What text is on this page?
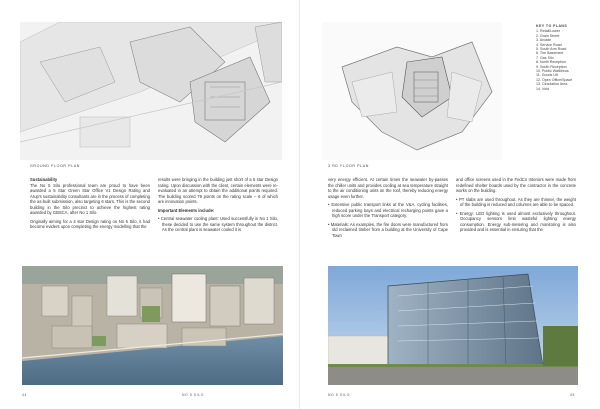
GROUND FLOOR PLAN

Sustainability
The No 5 Silo professional team are proud to have been awarded a 5 Star Green Star Office V1 Design Rating and Arup's sustainability consultants are in the process of completing the as-built submission, also targeting 6 stars. This is the second building in the Silo precinct to achieve the highest rating awarded by GBSCA, after No 1 Silo.

Originally aiming for a 4 star Design rating on No 5 Silo, it had become evident upon completing the energy modelling that the

results were bringing in the building just short of a 5 star Design rating. Upon discussion with the client, certain elements were re-evaluated in an attempt to obtain the additional points required. The building scored 79 points on the rating scale – 6 of which are innovation points.

Important Elements include:

• Central seawater cooling plant: Used successfully in No 1 Silo, these decided to use the same system throughout the district. As the central plant is seawater cooled it is

44	NO 5 SILO
3 RD FLOOR PLAN
KEY TO PLANS
1. Retail/Lower
2. Grain Street
3. Arcade
4. Service Road
5. South Arm Road
6. The Basement
7. Gas Silo
8. North Reception
9. South Reception
10. Public Walkthrus
11. Goods Lift
12. Open Office/Space
13. Circulation Area
14. Void

very energy efficient. At certain times the seawater by-passes the chiller units and provides cooling at sea temperature straight to the air conditioning units on the roof, thereby reducing energy usage even further.

• Extensive public transport links at the V&A, cycling facilities, reduced parking bays and electrical recharging points gave a high score under the Transport category.

• Materials: As examples, the fire doors were manufactured from old reclaimed timber from a building at the University of Cape Town

and office screens used in the FedCo Interiors were made from redefined shelter boards used by the contractor in the concrete works on the building.

• PT slabs are used throughout. As they are thinner, the weight of the building is reduced and columns are able to be spaced.

• Energy: LED lighting is used almost exclusively throughout. Occupancy sensors limit wasteful lighting energy consumption. Energy sub-metering and monitoring is also provided and is essential in ensuring that the

NO 5 SILO	45
